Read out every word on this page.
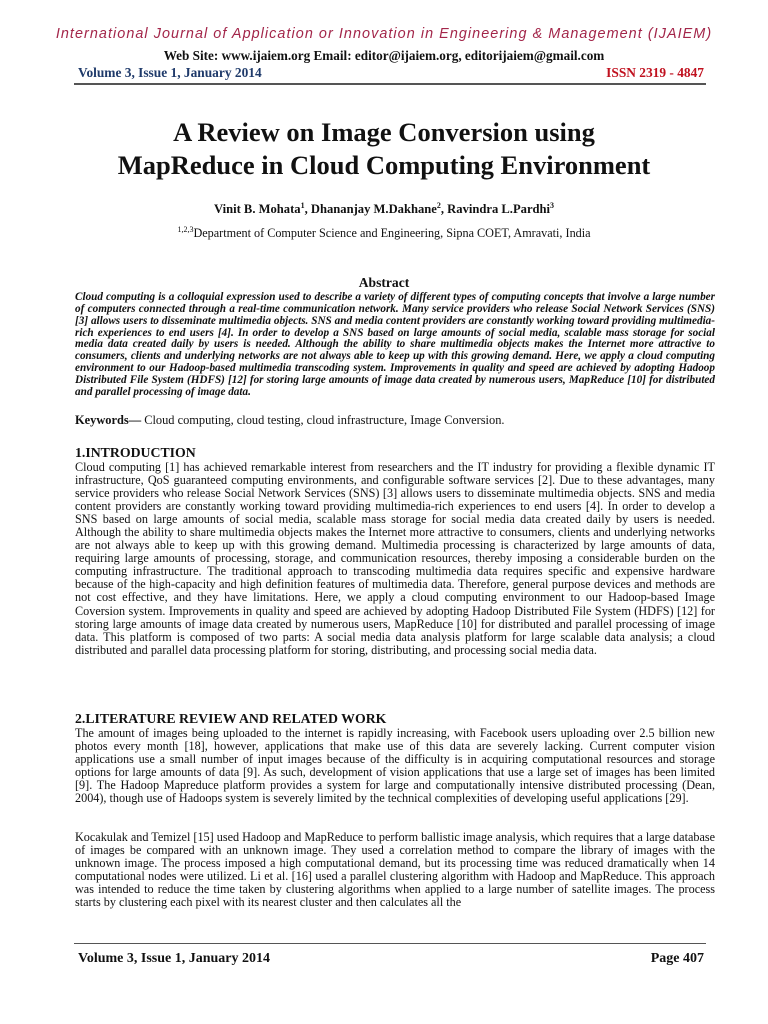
International Journal of Application or Innovation in Engineering & Management (IJAIEM)
Web Site: www.ijaiem.org Email: editor@ijaiem.org, editorijaiem@gmail.com
Volume 3, Issue 1, January 2014	ISSN 2319 - 4847
A Review on Image Conversion using
MapReduce in Cloud Computing Environment
Vinit B. Mohata$^1$, Dhananjay M.Dakhane$^2$, Ravindra L.Pardhi$^3$
$^{1,2,3}$Department of Computer Science and Engineering, Sipna COET, Amravati, India
Abstract
Cloud computing is a colloquial expression used to describe a variety of different types of computing concepts that involve a large number of computers connected through a real-time communication network. Many service providers who release Social Network Services (SNS) [3] allows users to disseminate multimedia objects. SNS and media content providers are constantly working toward providing multimedia-rich experiences to end users [4]. In order to develop a SNS based on large amounts of social media, scalable mass storage for social media data created daily by users is needed. Although the ability to share multimedia objects makes the Internet more attractive to consumers, clients and underlying networks are not always able to keep up with this growing demand. Here, we apply a cloud computing environment to our Hadoop-based multimedia transcoding system. Improvements in quality and speed are achieved by adopting Hadoop Distributed File System (HDFS) [12] for storing large amounts of image data created by numerous users, MapReduce [10] for distributed and parallel processing of image data.
Keywords— Cloud computing, cloud testing, cloud infrastructure, Image Conversion.
1.INTRODUCTION
Cloud computing [1] has achieved remarkable interest from researchers and the IT industry for providing a flexible dynamic IT infrastructure, QoS guaranteed computing environments, and configurable software services [2]. Due to these advantages, many service providers who release Social Network Services (SNS) [3] allows users to disseminate multimedia objects. SNS and media content providers are constantly working toward providing multimedia-rich experiences to end users [4]. In order to develop a SNS based on large amounts of social media, scalable mass storage for social media data created daily by users is needed. Although the ability to share multimedia objects makes the Internet more attractive to consumers, clients and underlying networks are not always able to keep up with this growing demand. Multimedia processing is characterized by large amounts of data, requiring large amounts of processing, storage, and communication resources, thereby imposing a considerable burden on the computing infrastructure. The traditional approach to transcoding multimedia data requires specific and expensive hardware because of the high-capacity and high definition features of multimedia data. Therefore, general purpose devices and methods are not cost effective, and they have limitations. Here, we apply a cloud computing environment to our Hadoop-based Image Coversion system. Improvements in quality and speed are achieved by adopting Hadoop Distributed File System (HDFS) [12] for storing large amounts of image data created by numerous users, MapReduce [10] for distributed and parallel processing of image data. This platform is composed of two parts: A social media data analysis platform for large scalable data analysis; a cloud distributed and parallel data processing platform for storing, distributing, and processing social media data.
2.LITERATURE REVIEW AND RELATED WORK
The amount of images being uploaded to the internet is rapidly increasing, with Facebook users uploading over 2.5 billion new photos every month [18], however, applications that make use of this data are severely lacking. Current computer vision applications use a small number of input images because of the difficulty is in acquiring computational resources and storage options for large amounts of data [9]. As such, development of vision applications that use a large set of images has been limited [9]. The Hadoop Mapreduce platform provides a system for large and computationally intensive distributed processing (Dean, 2004), though use of Hadoops system is severely limited by the technical complexities of developing useful applications [29].
Kocakulak and Temizel [15] used Hadoop and MapReduce to perform ballistic image analysis, which requires that a large database of images be compared with an unknown image. They used a correlation method to compare the library of images with the unknown image. The process imposed a high computational demand, but its processing time was reduced dramatically when 14 computational nodes were utilized. Li et al. [16] used a parallel clustering algorithm with Hadoop and MapReduce. This approach was intended to reduce the time taken by clustering algorithms when applied to a large number of satellite images. The process starts by clustering each pixel with its nearest cluster and then calculates all the
Volume 3, Issue 1, January 2014	Page 407
